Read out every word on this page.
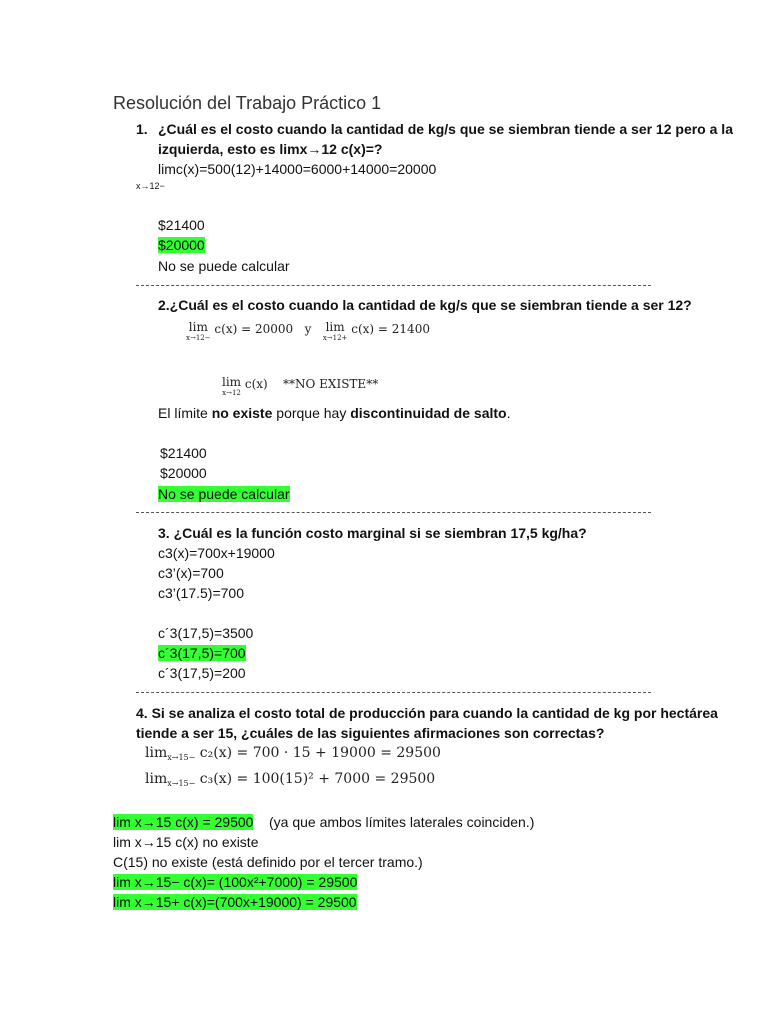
Resolución del Trabajo Práctico 1
1. ¿Cuál es el costo cuando la cantidad de kg/s que se siembran tiende a ser 12 pero a la
izquierda, esto es limx→12 c(x)=?
limc(x)=500(12)+14000=6000+14000=20000
x→12−
$21400
$20000
No se puede calcular
2.¿Cuál es el costo cuando la cantidad de kg/s que se siembran tiende a ser 12?
lim
x→12−
c(x) = 20000 y lim
x→12+
c(x) = 21400
lim
x→12
c(x) **NO EXISTE**
El límite no existe porque hay discontinuidad de salto.
$21400
$20000
No se puede calcular
3. ¿Cuál es la función costo marginal si se siembran 17,5 kg/ha?
c3(x)=700x+19000
c3’(x)=700
c3’(17.5)=700
c´3(17,5)=3500
c´3(17,5)=700
c´3(17,5)=200
4. Si se analiza el costo total de producción para cuando la cantidad de kg por hectárea
tiende a ser 15, ¿cuáles de las siguientes afirmaciones son correctas?
$\lim_{x\to 15-} c_2(x) = 700 \cdot 15 + 19000 = 29500$
$\lim_{x\to 15-} c_3(x) = 100(15)^2 + 7000 = 29500$
lim x→15 c(x) = 29500 (ya que ambos límites laterales coinciden.)
lim x→15 c(x) no existe
C(15) no existe (está definido por el tercer tramo.)
lim x→15− c(x)= (100x²+7000) = 29500
lim x→15+ c(x)=(700x+19000) = 29500
